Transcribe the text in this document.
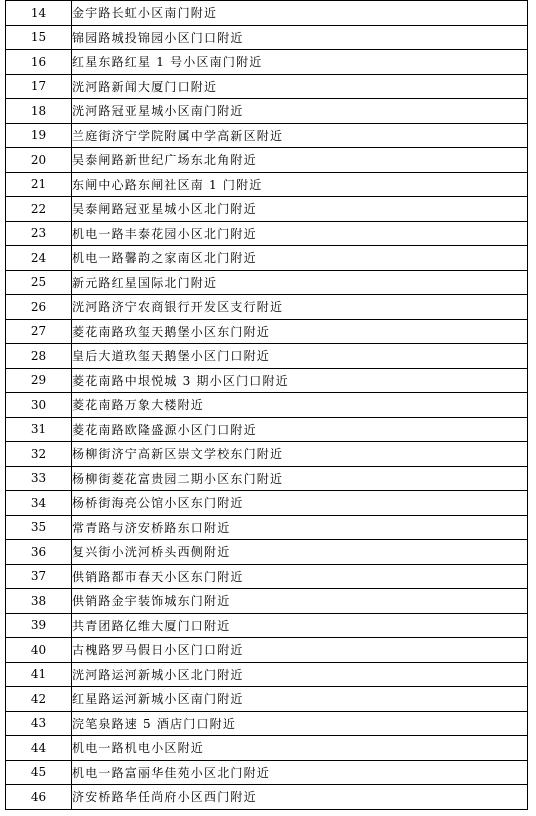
14	金宇路长虹小区南门附近
15	锦园路城投锦园小区门口附近
16	红星东路红星 1 号小区南门附近
17	洸河路新闻大厦门口附近
18	洸河路冠亚星城小区南门附近
19	兰庭街济宁学院附属中学高新区附近
20	吴泰闸路新世纪广场东北角附近
21	东闸中心路东闸社区南 1 门附近
22	吴泰闸路冠亚星城小区北门附近
23	机电一路丰泰花园小区北门附近
24	机电一路馨韵之家南区北门附近
25	新元路红星国际北门附近
26	洸河路济宁农商银行开发区支行附近
27	菱花南路玖玺天鹅堡小区东门附近
28	皇后大道玖玺天鹅堡小区门口附近
29	菱花南路中垠悦城 3 期小区门口附近
30	菱花南路万象大楼附近
31	菱花南路欧隆盛源小区门口附近
32	杨柳街济宁高新区崇文学校东门附近
33	杨柳街菱花富贵园二期小区东门附近
34	杨桥街海亮公馆小区东门附近
35	常青路与济安桥路东口附近
36	复兴街小洸河桥头西侧附近
37	供销路都市春天小区东门附近
38	供销路金宇装饰城东门附近
39	共青团路亿维大厦门口附近
40	古槐路罗马假日小区门口附近
41	洸河路运河新城小区北门附近
42	红星路运河新城小区南门附近
43	浣笔泉路速 5 酒店门口附近
44	机电一路机电小区附近
45	机电一路富丽华佳苑小区北门附近
46	济安桥路华任尚府小区西门附近
